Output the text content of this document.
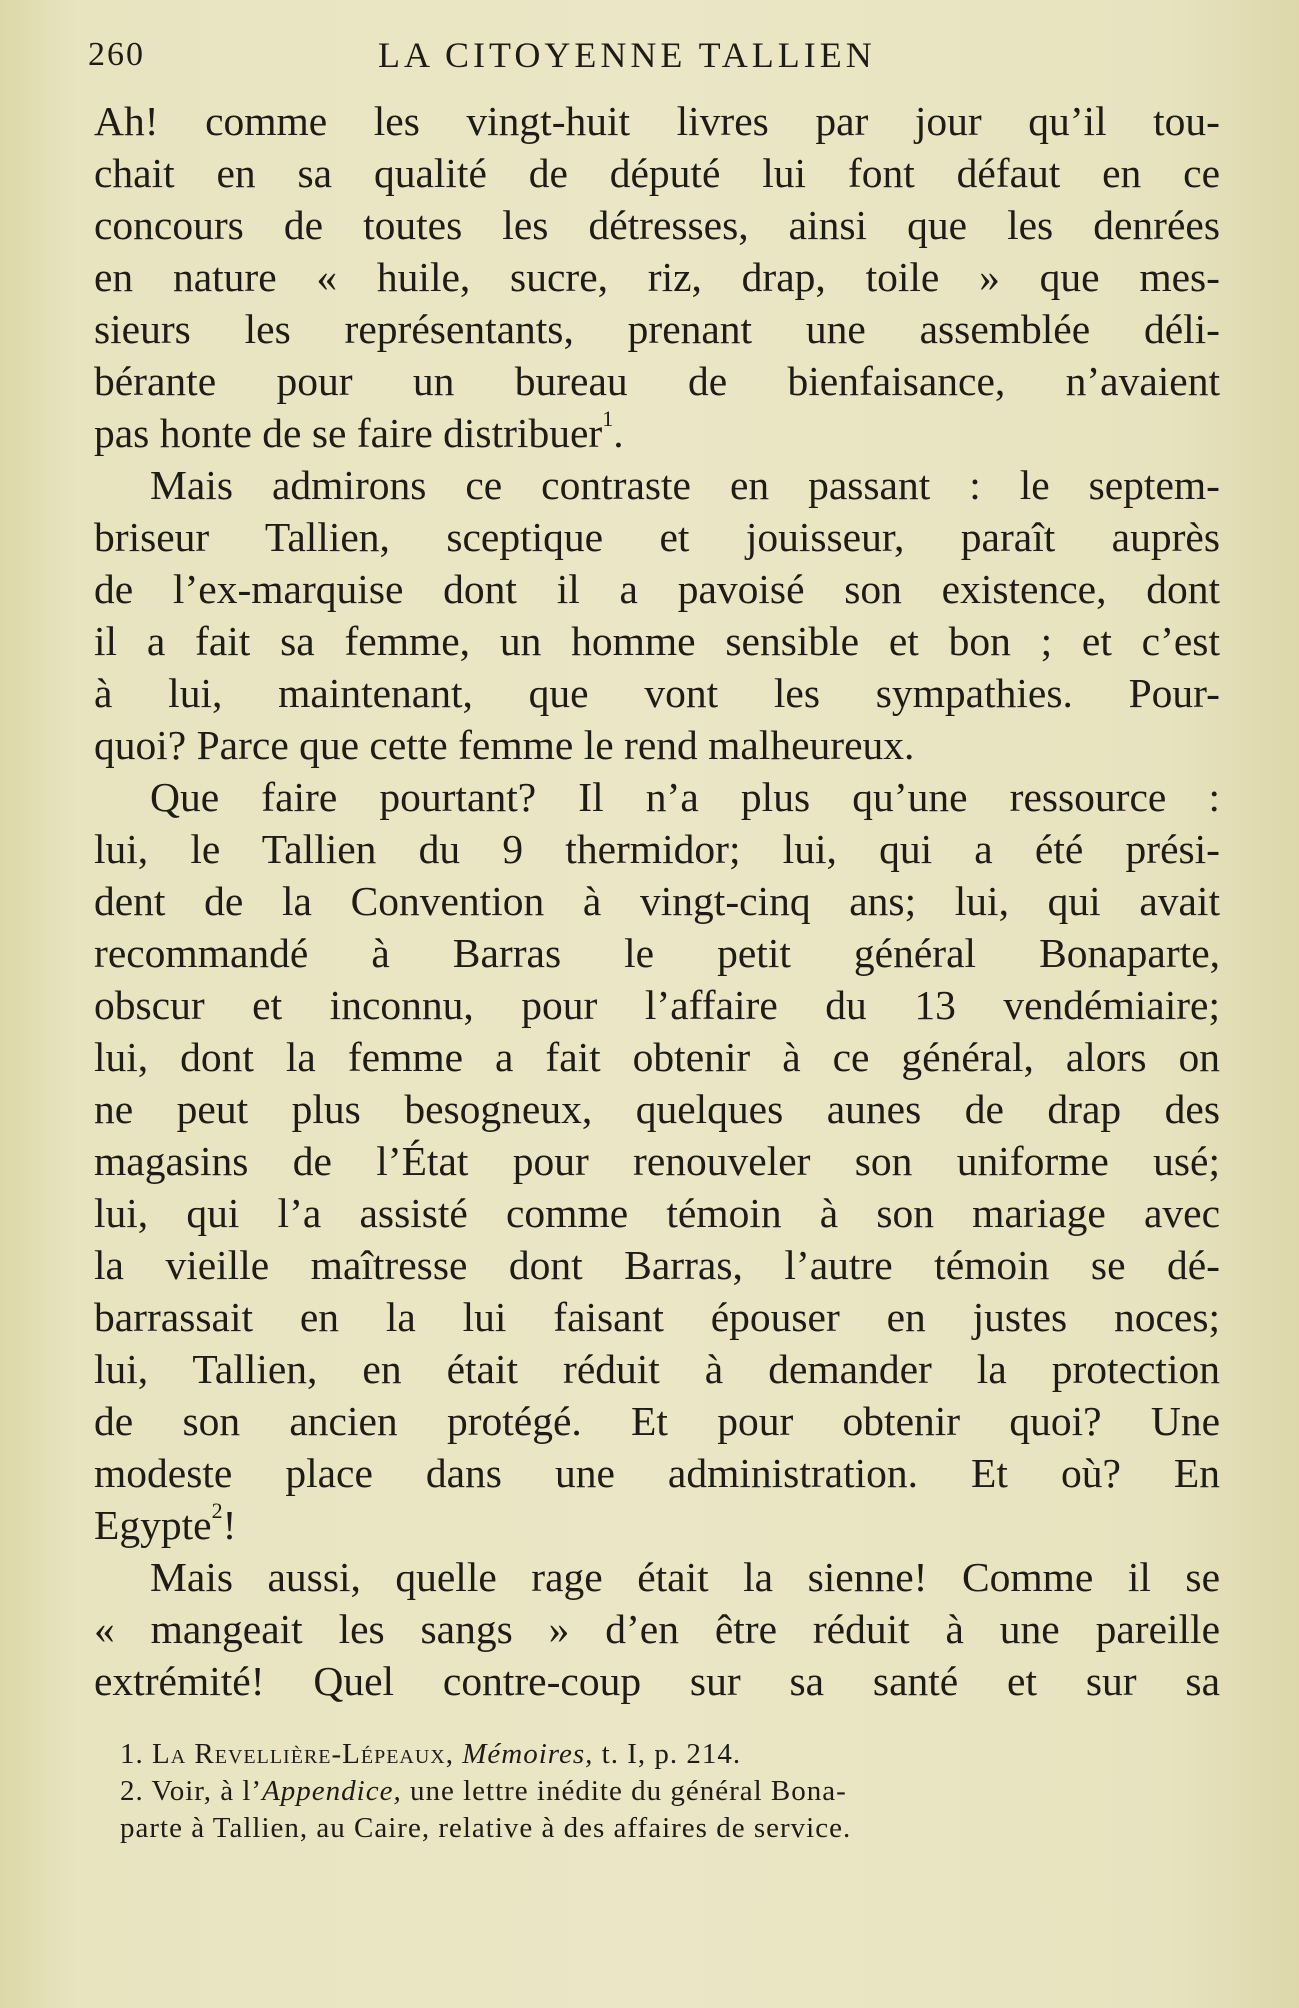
260	LA CITOYENNE TALLIEN
Ah! comme les vingt-huit livres par jour qu’il tou-
chait en sa qualité de député lui font défaut en ce
concours de toutes les détresses, ainsi que les denrées
en nature « huile, sucre, riz, drap, toile » que mes-
sieurs les représentants, prenant une assemblée déli-
bérante pour un bureau de bienfaisance, n’avaient
pas honte de se faire distribuer$^1$.
Mais admirons ce contraste en passant : le septem-
briseur Tallien, sceptique et jouisseur, paraît auprès
de l’ex-marquise dont il a pavoisé son existence, dont
il a fait sa femme, un homme sensible et bon ; et c’est
à lui, maintenant, que vont les sympathies. Pour-
quoi? Parce que cette femme le rend malheureux.
Que faire pourtant? Il n’a plus qu’une ressource :
lui, le Tallien du 9 thermidor; lui, qui a été prési-
dent de la Convention à vingt-cinq ans; lui, qui avait
recommandé à Barras le petit général Bonaparte,
obscur et inconnu, pour l’affaire du 13 vendémiaire;
lui, dont la femme a fait obtenir à ce général, alors on
ne peut plus besogneux, quelques aunes de drap des
magasins de l’État pour renouveler son uniforme usé;
lui, qui l’a assisté comme témoin à son mariage avec
la vieille maîtresse dont Barras, l’autre témoin se dé-
barrassait en la lui faisant épouser en justes noces;
lui, Tallien, en était réduit à demander la protection
de son ancien protégé. Et pour obtenir quoi? Une
modeste place dans une administration. Et où? En
Egypte$^2$!
Mais aussi, quelle rage était la sienne! Comme il se
« mangeait les sangs » d’en être réduit à une pareille
extrémité! Quel contre-coup sur sa santé et sur sa
1. La Revellière-Lépeaux, Mémoires, t. I, p. 214.
2. Voir, à l’Appendice, une lettre inédite du général Bona-
parte à Tallien, au Caire, relative à des affaires de service.
